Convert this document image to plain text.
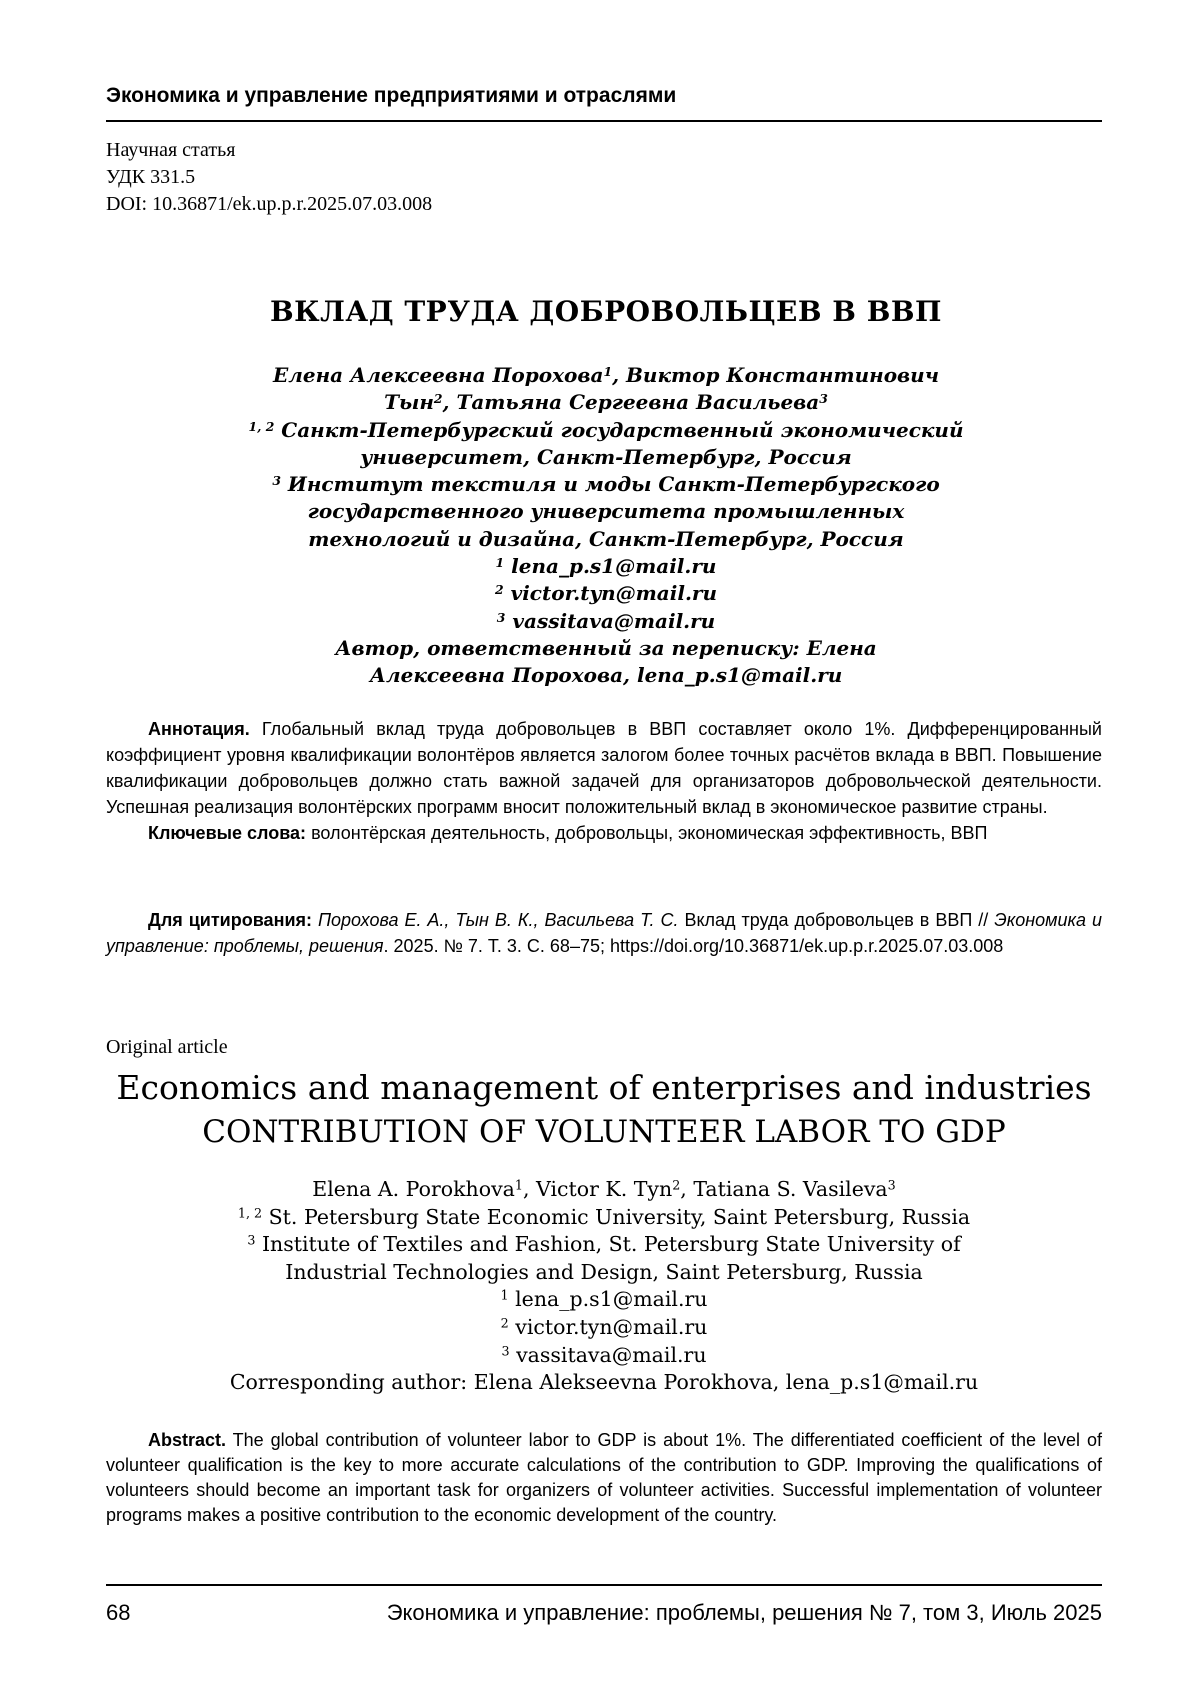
Экономика и управление предприятиями и отраслями
Научная статья
УДК 331.5
DOI: 10.36871/ek.up.p.r.2025.07.03.008
ВКЛАД ТРУДА ДОБРОВОЛЬЦЕВ В ВВП
Елена Алексеевна Порохова$^1$, Виктор Константинович
Тын$^2$, Татьяна Сергеевна Васильева$^3$
$^{1, 2}$ Санкт-Петербургский государственный экономический
университет, Санкт-Петербург, Россия
$^3$ Институт текстиля и моды Санкт-Петербургского
государственного университета промышленных
технологий и дизайна, Санкт-Петербург, Россия
$^1$ lena_p.s1@mail.ru
$^2$ victor.tyn@mail.ru
$^3$ vassitava@mail.ru
Автор, ответственный за переписку: Елена
Алексеевна Порохова, lena_p.s1@mail.ru
Аннотация. Глобальный вклад труда добровольцев в ВВП составляет около 1%. Дифференцированный коэффициент уровня квалификации волонтёров является залогом более точных расчётов вклада в ВВП. Повышение квалификации добровольцев должно стать важной задачей для организаторов добровольческой деятельности. Успешная реализация волонтёрских программ вносит положительный вклад в экономическое развитие страны.
Ключевые слова: волонтёрская деятельность, добровольцы, экономическая эффективность, ВВП
Для цитирования: Порохова Е. А., Тын В. К., Васильева Т. С. Вклад труда добровольцев в ВВП // Экономика и управление: проблемы, решения. 2025. № 7. Т. 3. С. 68–75; https://doi.org/10.36871/ek.up.p.r.2025.07.03.008
Original article
Economics and management of enterprises and industries
CONTRIBUTION OF VOLUNTEER LABOR TO GDP
Elena A. Porokhova$^1$, Victor K. Tyn$^2$, Tatiana S. Vasileva$^3$
$^{1, 2}$ St. Petersburg State Economic University, Saint Petersburg, Russia
$^3$ Institute of Textiles and Fashion, St. Petersburg State University of
Industrial Technologies and Design, Saint Petersburg, Russia
$^1$ lena_p.s1@mail.ru
$^2$ victor.tyn@mail.ru
$^3$ vassitava@mail.ru
Corresponding author: Elena Alekseevna Porokhova, lena_p.s1@mail.ru
Abstract. The global contribution of volunteer labor to GDP is about 1%. The differentiated coefficient of the level of volunteer qualification is the key to more accurate calculations of the contribution to GDP. Improving the qualifications of volunteers should become an important task for organizers of volunteer activities. Successful implementation of volunteer programs makes a positive contribution to the economic development of the country.
68	Экономика и управление: проблемы, решения № 7, том 3, Июль 2025
